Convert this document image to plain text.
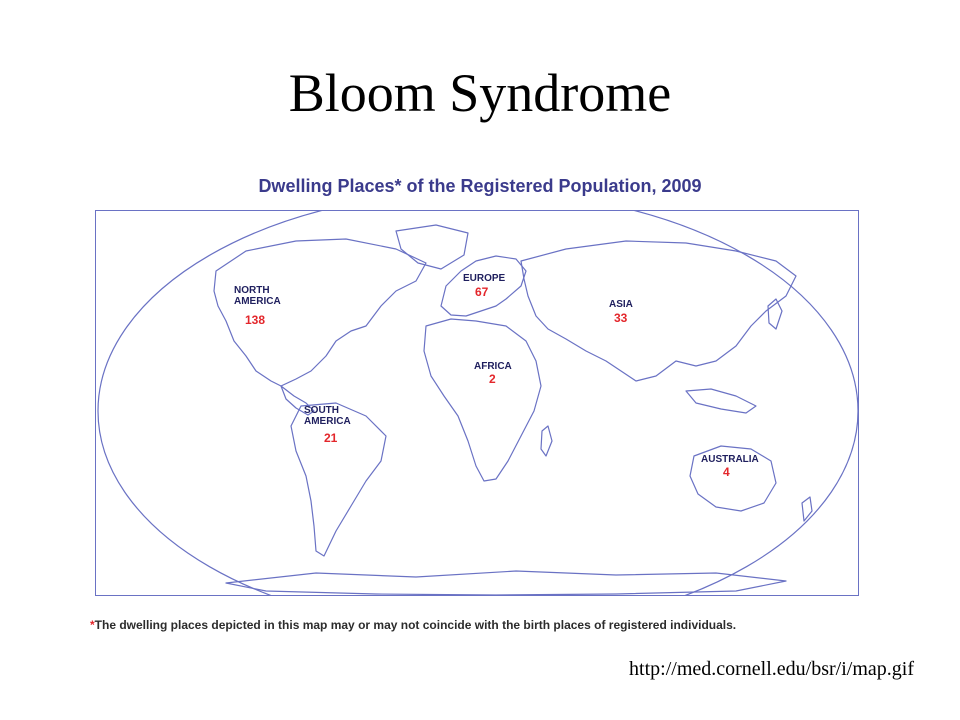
Bloom Syndrome
Dwelling Places* of the Registered Population, 2009
NORTH
AMERICA
138
EUROPE
67
ASIA
33
AFRICA
2
SOUTH
AMERICA
21
AUSTRALIA
4
*The dwelling places depicted in this map may or may not coincide with the birth places of registered individuals.
http://med.cornell.edu/bsr/i/map.gif
